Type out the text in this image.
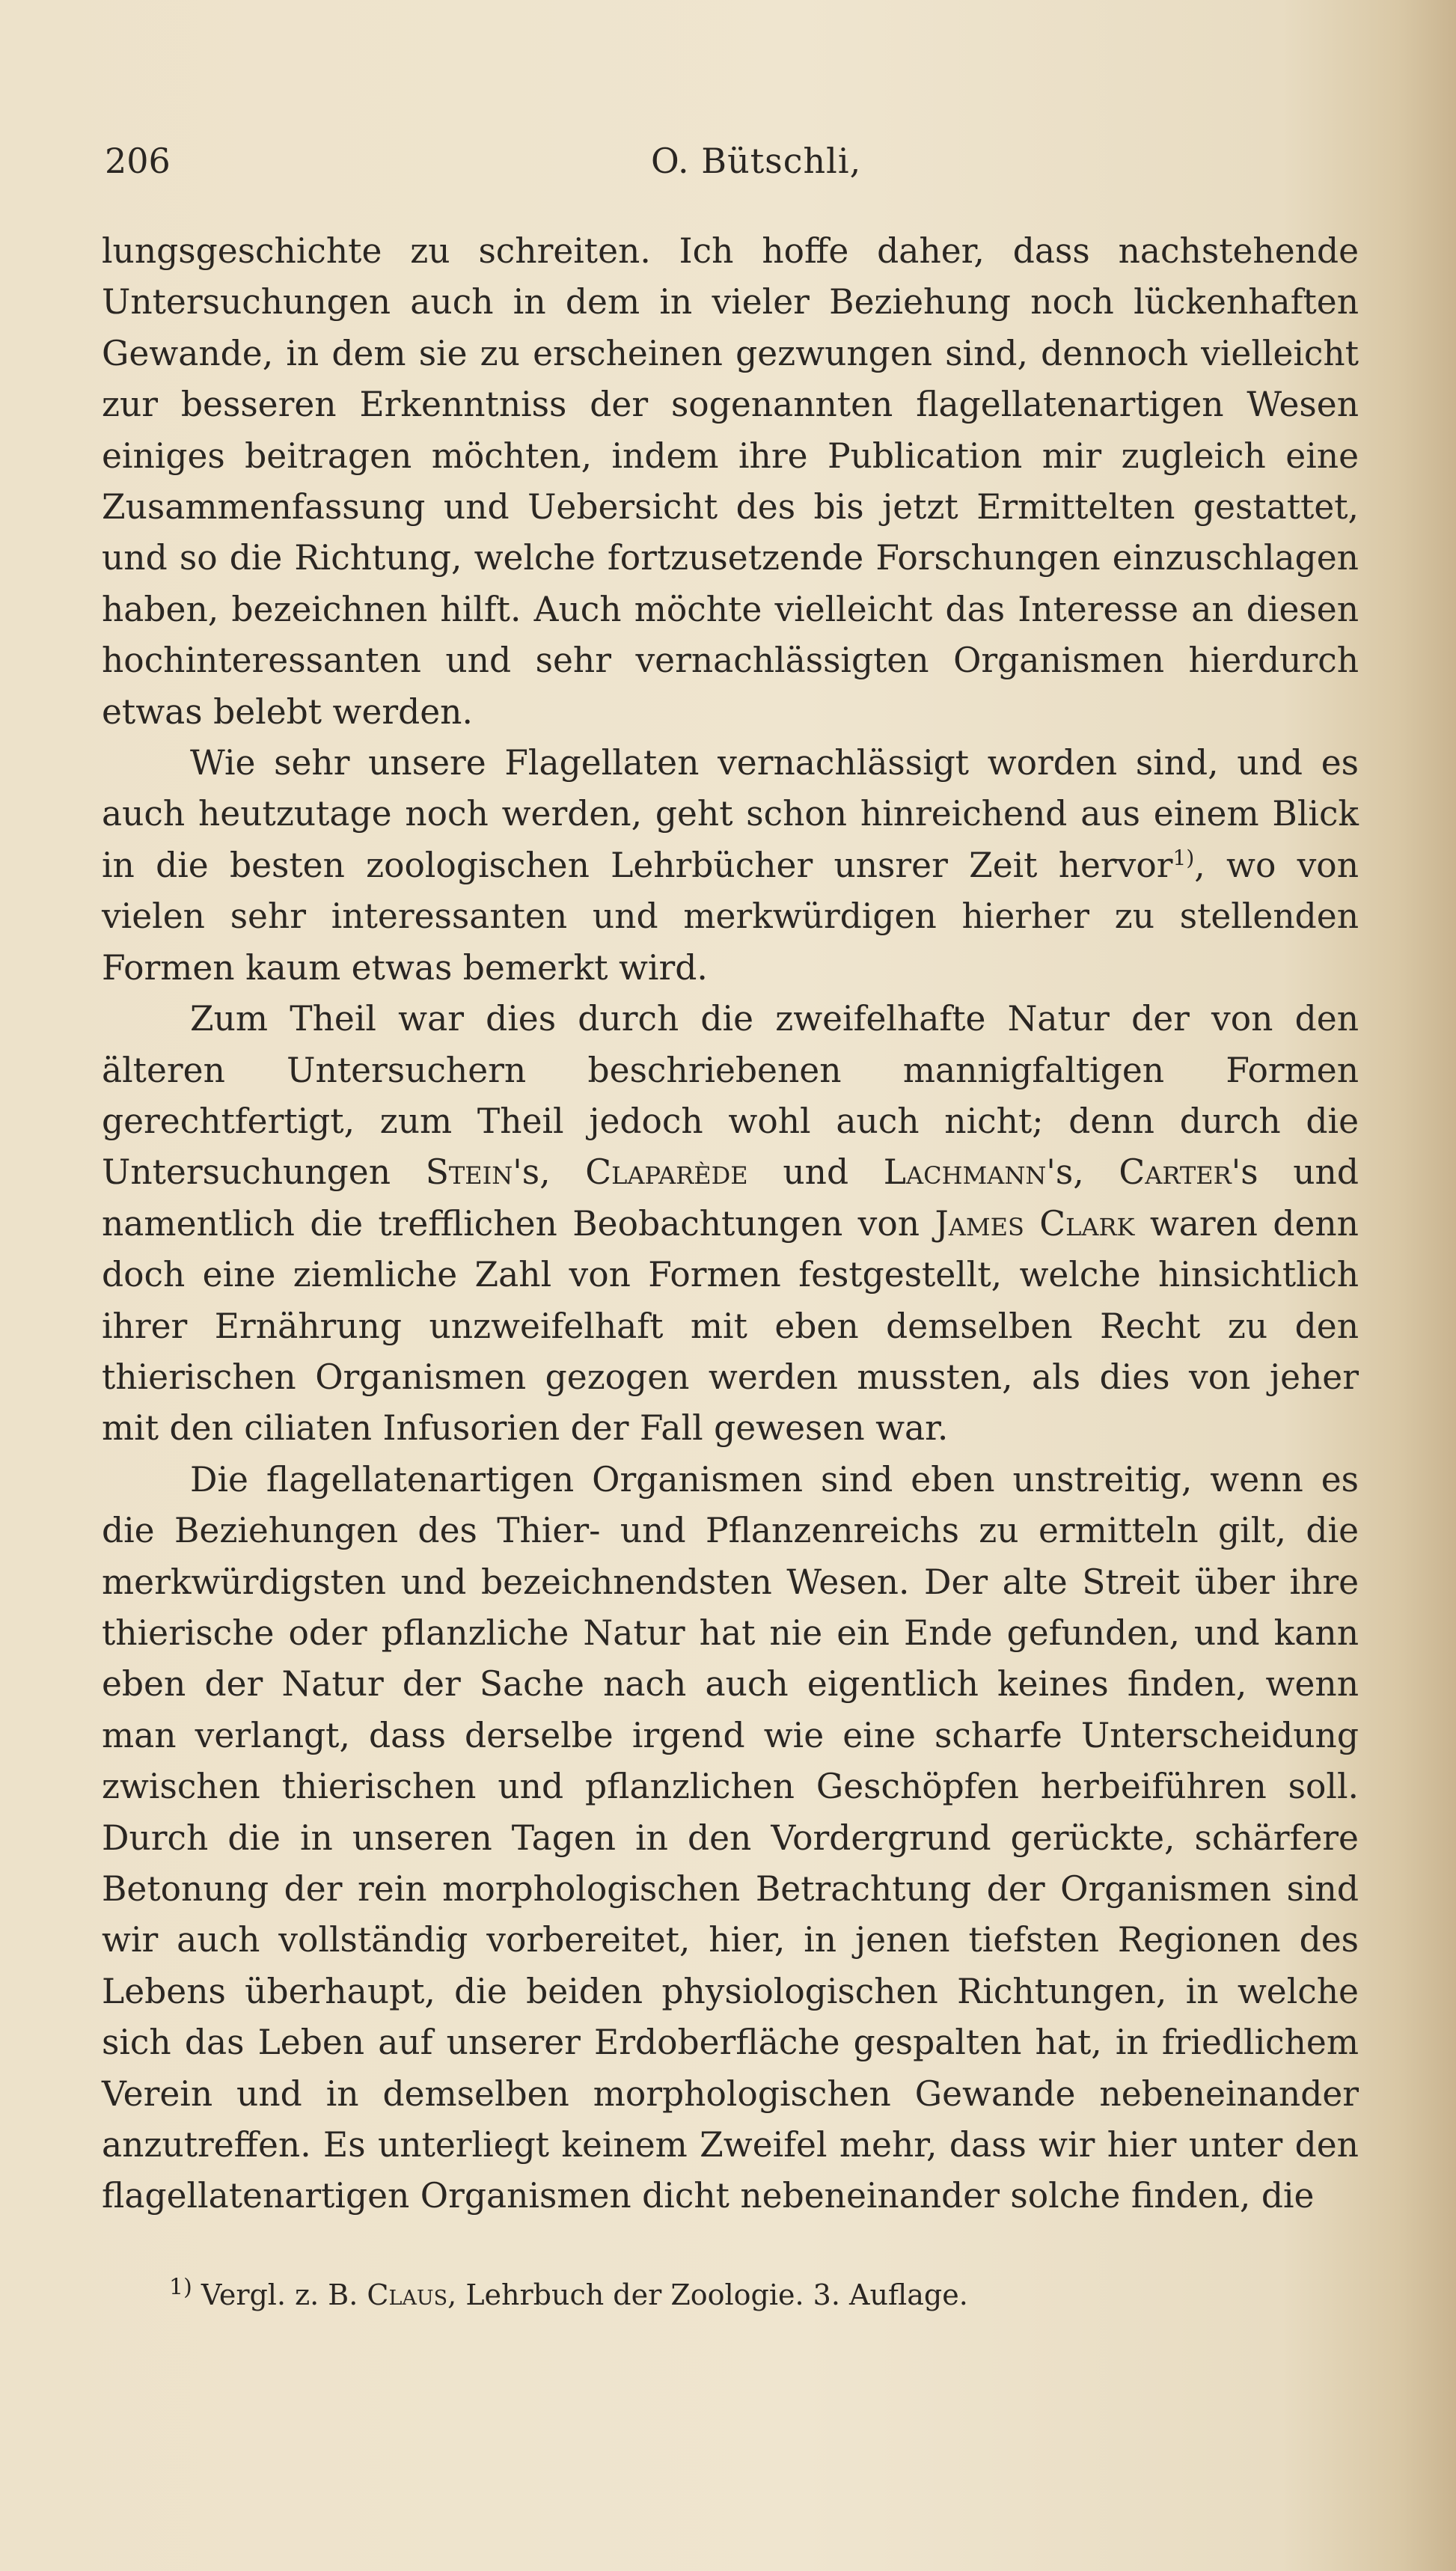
206	O. Bütschli,

lungsgeschichte zu schreiten. Ich hoffe daher, dass nachstehende Untersuchungen auch in dem in vieler Beziehung noch lückenhaften Gewande, in dem sie zu erscheinen gezwungen sind, dennoch vielleicht zur besseren Erkenntniss der sogenannten flagellatenartigen Wesen einiges beitragen möchten, indem ihre Publication mir zugleich eine Zusammenfassung und Uebersicht des bis jetzt Ermittelten gestattet, und so die Richtung, welche fortzusetzende Forschungen einzuschlagen haben, bezeichnen hilft. Auch möchte vielleicht das Interesse an diesen hochinteressanten und sehr vernachlässigten Organismen hierdurch etwas belebt werden.

Wie sehr unsere Flagellaten vernachlässigt worden sind, und es auch heutzutage noch werden, geht schon hinreichend aus einem Blick in die besten zoologischen Lehrbücher unsrer Zeit hervor$^{1)}$, wo von vielen sehr interessanten und merkwürdigen hierher zu stellenden Formen kaum etwas bemerkt wird.

Zum Theil war dies durch die zweifelhafte Natur der von den älteren Untersuchern beschriebenen mannigfaltigen Formen gerechtfertigt, zum Theil jedoch wohl auch nicht; denn durch die Untersuchungen Stein's, Claparède und Lachmann's, Carter's und namentlich die trefflichen Beobachtungen von James Clark waren denn doch eine ziemliche Zahl von Formen festgestellt, welche hinsichtlich ihrer Ernährung unzweifelhaft mit eben demselben Recht zu den thierischen Organismen gezogen werden mussten, als dies von jeher mit den ciliaten Infusorien der Fall gewesen war.

Die flagellatenartigen Organismen sind eben unstreitig, wenn es die Beziehungen des Thier- und Pflanzenreichs zu ermitteln gilt, die merkwürdigsten und bezeichnendsten Wesen. Der alte Streit über ihre thierische oder pflanzliche Natur hat nie ein Ende gefunden, und kann eben der Natur der Sache nach auch eigentlich keines finden, wenn man verlangt, dass derselbe irgend wie eine scharfe Unterscheidung zwischen thierischen und pflanzlichen Geschöpfen herbeiführen soll. Durch die in unseren Tagen in den Vordergrund gerückte, schärfere Betonung der rein morphologischen Betrachtung der Organismen sind wir auch vollständig vorbereitet, hier, in jenen tiefsten Regionen des Lebens überhaupt, die beiden physiologischen Richtungen, in welche sich das Leben auf unserer Erdoberfläche gespalten hat, in friedlichem Verein und in demselben morphologischen Gewande nebeneinander anzutreffen. Es unterliegt keinem Zweifel mehr, dass wir hier unter den flagellatenartigen Organismen dicht nebeneinander solche finden, die

$^{1)}$ Vergl. z. B. Claus, Lehrbuch der Zoologie. 3. Auflage.
